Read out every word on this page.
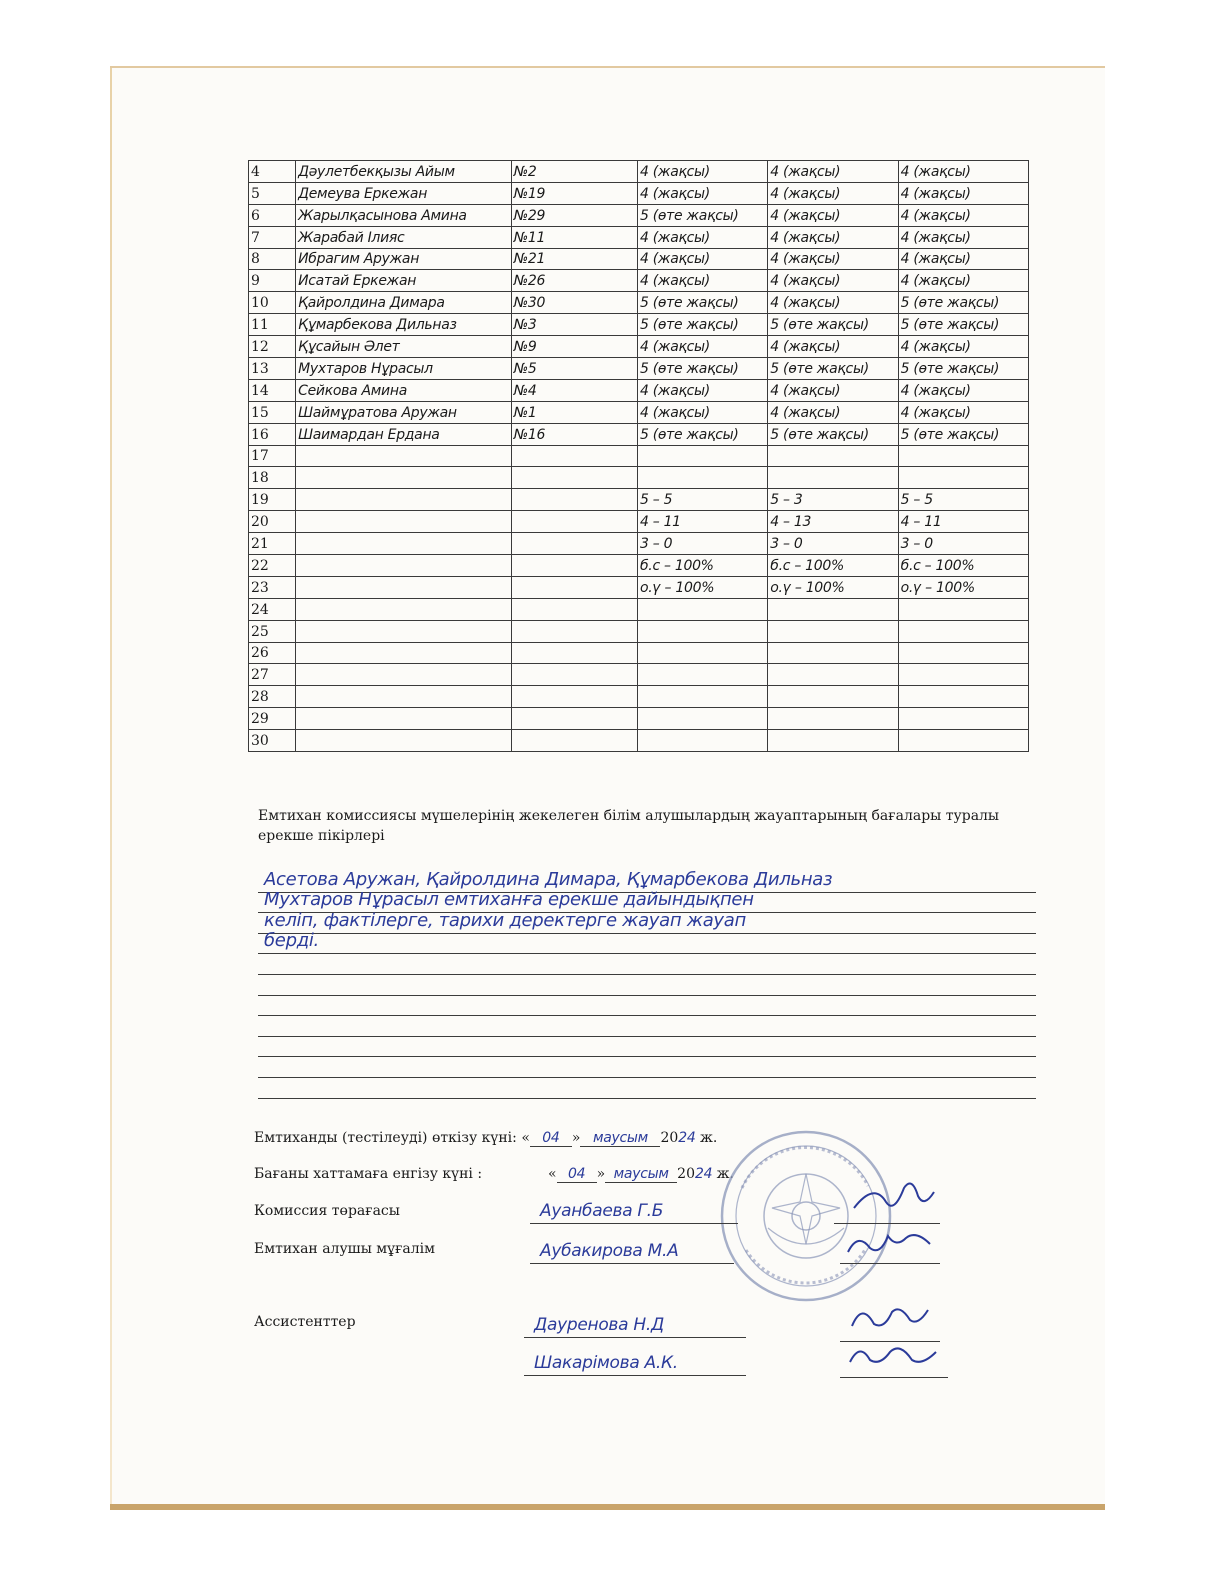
4	Дәулетбекқызы Айым	№2	4 (жақсы)	4 (жақсы)	4 (жақсы)
5	Демеува Еркежан	№19	4 (жақсы)	4 (жақсы)	4 (жақсы)
6	Жарылқасынова Амина	№29	5 (өте жақсы)	4 (жақсы)	4 (жақсы)
7	Жарабай Ілияс	№11	4 (жақсы)	4 (жақсы)	4 (жақсы)
8	Ибрагим Аружан	№21	4 (жақсы)	4 (жақсы)	4 (жақсы)
9	Исатай Еркежан	№26	4 (жақсы)	4 (жақсы)	4 (жақсы)
10	Қайролдина Димара	№30	5 (өте жақсы)	4 (жақсы)	5 (өте жақсы)
11	Құмарбекова Дильназ	№3	5 (өте жақсы)	5 (өте жақсы)	5 (өте жақсы)
12	Құсайын Әлет	№9	4 (жақсы)	4 (жақсы)	4 (жақсы)
13	Мухтаров Нұрасыл	№5	5 (өте жақсы)	5 (өте жақсы)	5 (өте жақсы)
14	Сейкова Амина	№4	4 (жақсы)	4 (жақсы)	4 (жақсы)
15	Шаймұратова Аружан	№1	4 (жақсы)	4 (жақсы)	4 (жақсы)
16	Шаимардан Ердана	№16	5 (өте жақсы)	5 (өте жақсы)	5 (өте жақсы)
17					
18					
19			5 – 5	5 – 3	5 – 5
20			4 – 11	4 – 13	4 – 11
21			3 – 0	3 – 0	3 – 0
22			б.с – 100%	б.с – 100%	б.с – 100%
23			о.ү – 100%	о.ү – 100%	о.ү – 100%
24					
25					
26					
27					
28					
29					
30					
Емтихан комиссиясы мүшелерінің жекелеген білім алушылардың жауаптарының бағалары туралы ерекше пікірлері
Асетова Аружан, Қайролдина Димара, Құмарбекова Дильназ
Мухтаров Нұрасыл емтиханға ерекше дайындықпен
келіп, фактілерге, тарихи деректерге жауап жауап
берді.
Емтиханды (тестілеуді) өткізу күні: « 04 » маусым 2024 ж.
Бағаны хаттамаға енгізу күні :	« 04 » маусым 2024 ж.
Комиссия төрағасы	Ауанбаева Г.Б
Емтихан алушы мұғалім	Аубакирова М.А
Ассистенттер	Дауренова Н.Д
Шакарімова А.К.
